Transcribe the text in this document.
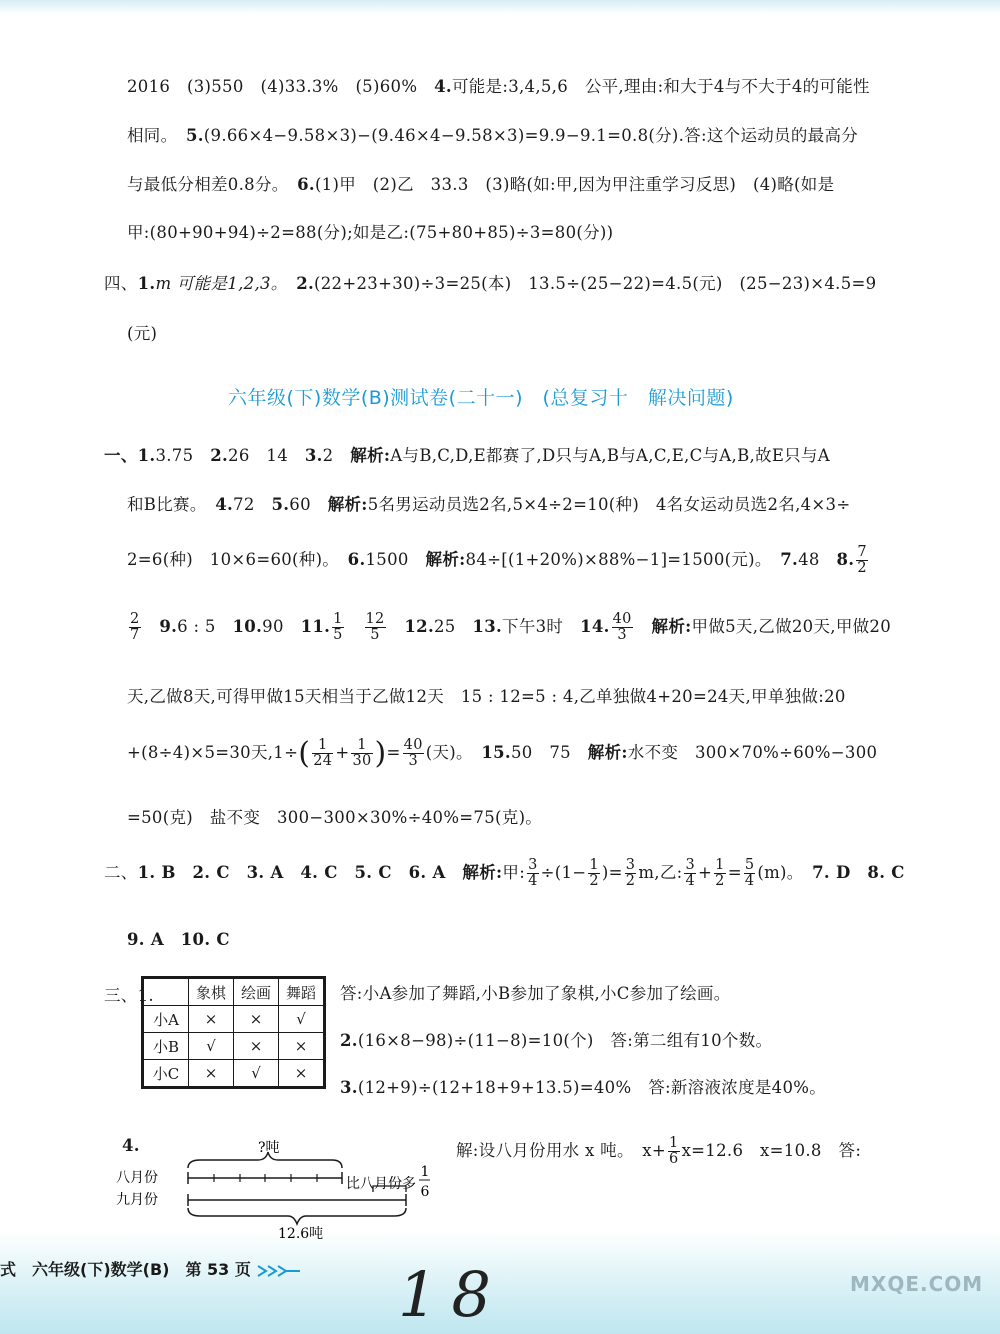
2016　(3)550　(4)33.3%　(5)60%　 4.可能是:3,4,5,6　公平,理由:和大于4与不大于4的可能性
相同。　 5.(9.66×4−9.58×3)−(9.46×4−9.58×3)=9.9−9.1=0.8(分).答:这个运动员的最高分
与最低分相差0.8分。　 6.(1)甲　(2)乙　33.3　(3)略(如:甲,因为甲注重学习反思)　(4)略(如是
甲:(80+90+94)÷2=88(分);如是乙:(75+80+85)÷3=80(分))
四、1.m 可能是1,2,3。　 2.(22+23+30)÷3=25(本)　13.5÷(25−22)=4.5(元)　(25−23)×4.5=9
(元)
六年级(下)数学(B)测试卷(二十一)　(总复习十　解决问题)
一、1.3.75　 2.26　14　 3.2　 解析:A与B,C,D,E都赛了,D只与A,B与A,C,E,C与A,B,故E只与A
和B比赛。　 4.72　 5.60　 解析:5名男运动员选2名,5×4÷2=10(种)　4名女运动员选2名,4×3÷
2=6(种)　10×6=60(种)。　 6.1500　 解析:84÷[(1+20%)×88%−1]=1500(元)。　 7.48　 8. $\frac{7}{2}$
$\frac{2}{7}$
　 9.6 : 5　 10.90　 11. $\frac{1}{5}$
　 $\frac{12}{5}$
　 12.25　 13.下午3时　 14. $\frac{40}{3}$
　 解析:甲做5天,乙做20天,甲做20
天,乙做8天,可得甲做15天相当于乙做12天　15 : 12=5 : 4,乙单独做4+20=24天,甲单独做:20
+(8÷4)×5=30天$,1\div( \frac{1}{24} + \frac{1}{30}$ )= $\frac{40}{3}$ (天)。　 15.50　75　 解析:水不变　300×70%÷60%−300
=50(克)　盐不变　300−300×30%÷40%=75(克)。
二、1. B　2. C　3. A　4. C　5. C　6. A　 解析:甲: $\frac{3}{4} \div(1- \frac{1}{2}$ )= $\frac{3}{2} m$,乙: $\frac{3}{4} + \frac{1}{2} = \frac{5}{4} (m)$。　 7. D　8. C
9. A　10. C
三、1.
		象棋	绘画	舞蹈
小A	×	×	√
小B	√	×	×
小C	×	√	×
答:小A参加了舞蹈,小B参加了象棋,小C参加了绘画。
2.(16×8−98)÷(11−8)=10(个)　答:第二组有10个数。
3.(12+9)÷(12+18+9+13.5)=40%　答:新溶液浓度是40%。
4.	?吨
八月份	比八月份多
1
6
九月份
12.6吨
解:设八月份用水 x 吨。　$x+ \frac{1}{6} x=12.6$　x=10.8　答:
式　六年级(下)数学(B)　第 53 页	18	MXQE.COM
